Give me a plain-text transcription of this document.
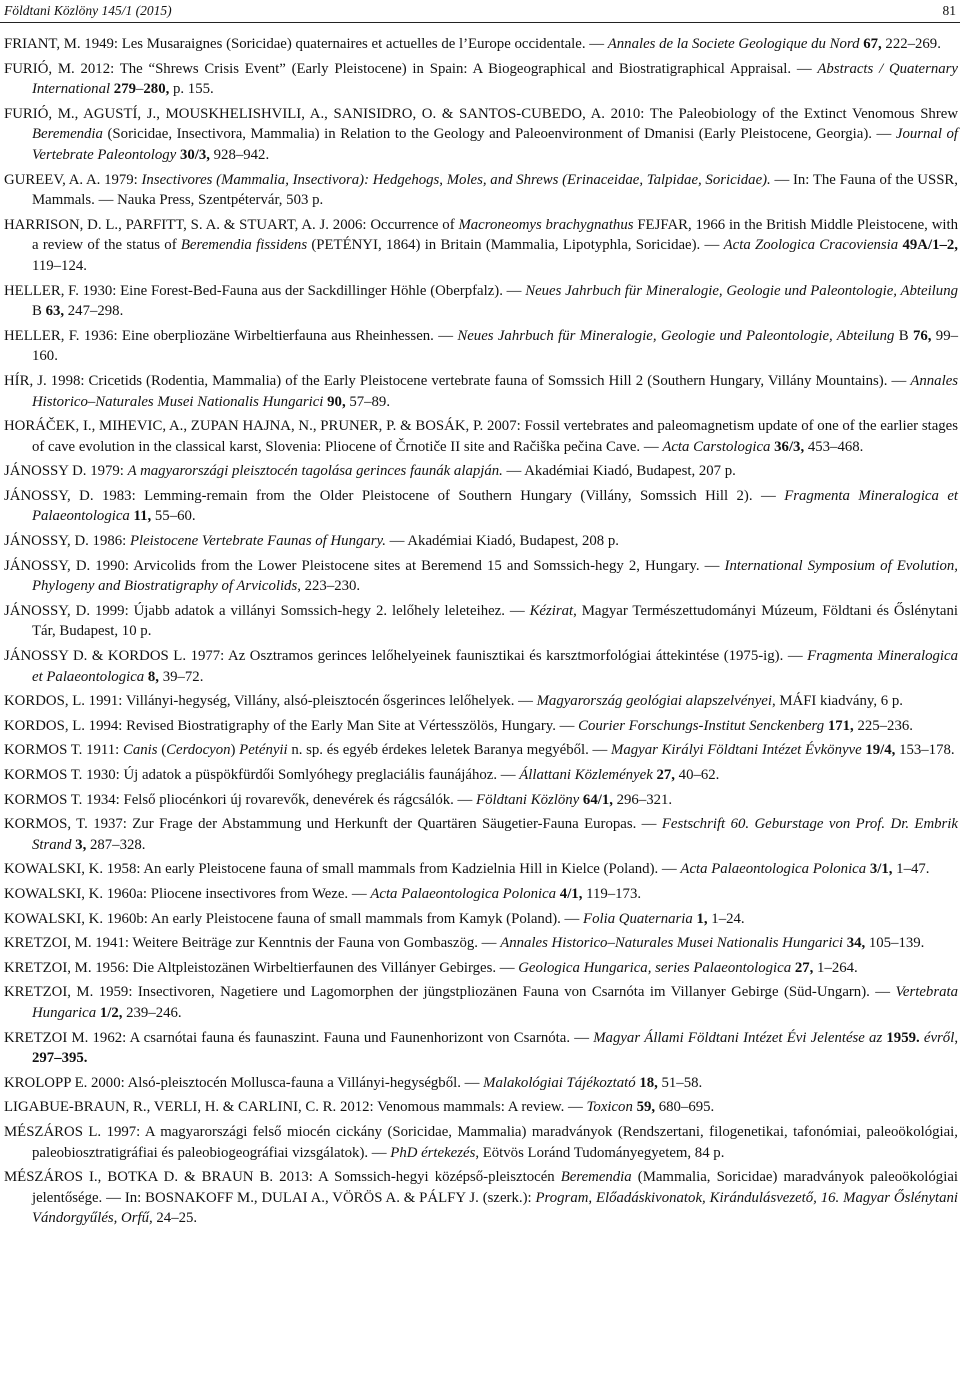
Földtani Közlöny 145/1 (2015)	81

FRIANT, M. 1949: Les Musaraignes (Soricidae) quaternaires et actuelles de l’Europe occidentale. — Annales de la Societe Geologique du Nord 67, 222–269.

FURIÓ, M. 2012: The “Shrews Crisis Event” (Early Pleistocene) in Spain: A Biogeographical and Biostratigraphical Appraisal. — Abstracts / Quaternary International 279–280, p. 155.

FURIÓ, M., AGUSTÍ, J., MOUSKHELISHVILI, A., SANISIDRO, O. & SANTOS-CUBEDO, A. 2010: The Paleobiology of the Extinct Venomous Shrew Beremendia (Soricidae, Insectivora, Mammalia) in Relation to the Geology and Paleoenvironment of Dmanisi (Early Pleistocene, Georgia). — Journal of Vertebrate Paleontology 30/3, 928–942.

GUREEV, A. A. 1979: Insectivores (Mammalia, Insectivora): Hedgehogs, Moles, and Shrews (Erinaceidae, Talpidae, Soricidae). — In: The Fauna of the USSR, Mammals. — Nauka Press, Szentpétervár, 503 p.

HARRISON, D. L., PARFITT, S. A. & STUART, A. J. 2006: Occurrence of Macroneomys brachygnathus FEJFAR, 1966 in the British Middle Pleistocene, with a review of the status of Beremendia fissidens (PETÉNYI, 1864) in Britain (Mammalia, Lipotyphla, Soricidae). — Acta Zoologica Cracoviensia 49A/1–2, 119–124.

HELLER, F. 1930: Eine Forest-Bed-Fauna aus der Sackdillinger Höhle (Oberpfalz). — Neues Jahrbuch für Mineralogie, Geologie und Paleontologie, Abteilung B 63, 247–298.

HELLER, F. 1936: Eine oberpliozäne Wirbeltierfauna aus Rheinhessen. — Neues Jahrbuch für Mineralogie, Geologie und Paleontologie, Abteilung B 76, 99–160.

HÍR, J. 1998: Cricetids (Rodentia, Mammalia) of the Early Pleistocene vertebrate fauna of Somssich Hill 2 (Southern Hungary, Villány Mountains). — Annales Historico–Naturales Musei Nationalis Hungarici 90, 57–89.

HORÁČEK, I., MIHEVIC, A., ZUPAN HAJNA, N., PRUNER, P. & BOSÁK, P. 2007: Fossil vertebrates and paleomagnetism update of one of the earlier stages of cave evolution in the classical karst, Slovenia: Pliocene of Črnotiče II site and Račiška pečina Cave. — Acta Carstologica 36/3, 453–468.

JÁNOSSY D. 1979: A magyarországi pleisztocén tagolása gerinces faunák alapján. — Akadémiai Kiadó, Budapest, 207 p.

JÁNOSSY, D. 1983: Lemming-remain from the Older Pleistocene of Southern Hungary (Villány, Somssich Hill 2). — Fragmenta Mineralogica et Palaeontologica 11, 55–60.

JÁNOSSY, D. 1986: Pleistocene Vertebrate Faunas of Hungary. — Akadémiai Kiadó, Budapest, 208 p.

JÁNOSSY, D. 1990: Arvicolids from the Lower Pleistocene sites at Beremend 15 and Somssich-hegy 2, Hungary. — International Symposium of Evolution, Phylogeny and Biostratigraphy of Arvicolids, 223–230.

JÁNOSSY, D. 1999: Újabb adatok a villányi Somssich-hegy 2. lelőhely leleteihez. — Kézirat, Magyar Természettudományi Múzeum, Földtani és Őslénytani Tár, Budapest, 10 p.

JÁNOSSY D. & KORDOS L. 1977: Az Osztramos gerinces lelőhelyeinek faunisztikai és karsztmorfológiai áttekintése (1975-ig). — Fragmenta Mineralogica et Palaeontologica 8, 39–72.

KORDOS, L. 1991: Villányi-hegység, Villány, alsó-pleisztocén ősgerinces lelőhelyek. — Magyarország geológiai alapszelvényei, MÁFI kiadvány, 6 p.

KORDOS, L. 1994: Revised Biostratigraphy of the Early Man Site at Vértesszölös, Hungary. — Courier Forschungs-Institut Senckenberg 171, 225–236.

KORMOS T. 1911: Canis (Cerdocyon) Petényii n. sp. és egyéb érdekes leletek Baranya megyéből. — Magyar Királyi Földtani Intézet Évkönyve 19/4, 153–178.

KORMOS T. 1930: Új adatok a püspökfürdői Somlyóhegy preglaciális faunájához. — Állattani Közlemények 27, 40–62.

KORMOS T. 1934: Felső pliocénkori új rovarevők, denevérek és rágcsálók. — Földtani Közlöny 64/1, 296–321.

KORMOS, T. 1937: Zur Frage der Abstammung und Herkunft der Quartären Säugetier-Fauna Europas. — Festschrift 60. Geburstage von Prof. Dr. Embrik Strand 3, 287–328.

KOWALSKI, K. 1958: An early Pleistocene fauna of small mammals from Kadzielnia Hill in Kielce (Poland). — Acta Palaeontologica Polonica 3/1, 1–47.

KOWALSKI, K. 1960a: Pliocene insectivores from Weze. — Acta Palaeontologica Polonica 4/1, 119–173.

KOWALSKI, K. 1960b: An early Pleistocene fauna of small mammals from Kamyk (Poland). — Folia Quaternaria 1, 1–24.

KRETZOI, M. 1941: Weitere Beiträge zur Kenntnis der Fauna von Gombaszög. — Annales Historico–Naturales Musei Nationalis Hungarici 34, 105–139.

KRETZOI, M. 1956: Die Altpleistozänen Wirbeltierfaunen des Villányer Gebirges. — Geologica Hungarica, series Palaeontologica 27, 1–264.

KRETZOI, M. 1959: Insectivoren, Nagetiere und Lagomorphen der jüngstpliozänen Fauna von Csarnóta im Villanyer Gebirge (Süd-Ungarn). — Vertebrata Hungarica 1/2, 239–246.

KRETZOI M. 1962: A csarnótai fauna és faunaszint. Fauna und Faunenhorizont von Csarnóta. — Magyar Állami Földtani Intézet Évi Jelentése az 1959. évről, 297–395.

KROLOPP E. 2000: Alsó-pleisztocén Mollusca-fauna a Villányi-hegységből. — Malakológiai Tájékoztató 18, 51–58.

LIGABUE-BRAUN, R., VERLI, H. & CARLINI, C. R. 2012: Venomous mammals: A review. — Toxicon 59, 680–695.

MÉSZÁROS L. 1997: A magyarországi felső miocén cickány (Soricidae, Mammalia) maradványok (Rendszertani, filogenetikai, tafonómiai, paleoökológiai, paleobiosztratigráfiai és paleobiogeográfiai vizsgálatok). — PhD értekezés, Eötvös Loránd Tudományegyetem, 84 p.

MÉSZÁROS I., BOTKA D. & BRAUN B. 2013: A Somssich-hegyi középső-pleisztocén Beremendia (Mammalia, Soricidae) maradványok paleoökológiai jelentősége. — In: BOSNAKOFF M., DULAI A., VÖRÖS A. & PÁLFY J. (szerk.): Program, Előadáskivonatok, Kirándulásvezető, 16. Magyar Őslénytani Vándorgyűlés, Orfű, 24–25.
